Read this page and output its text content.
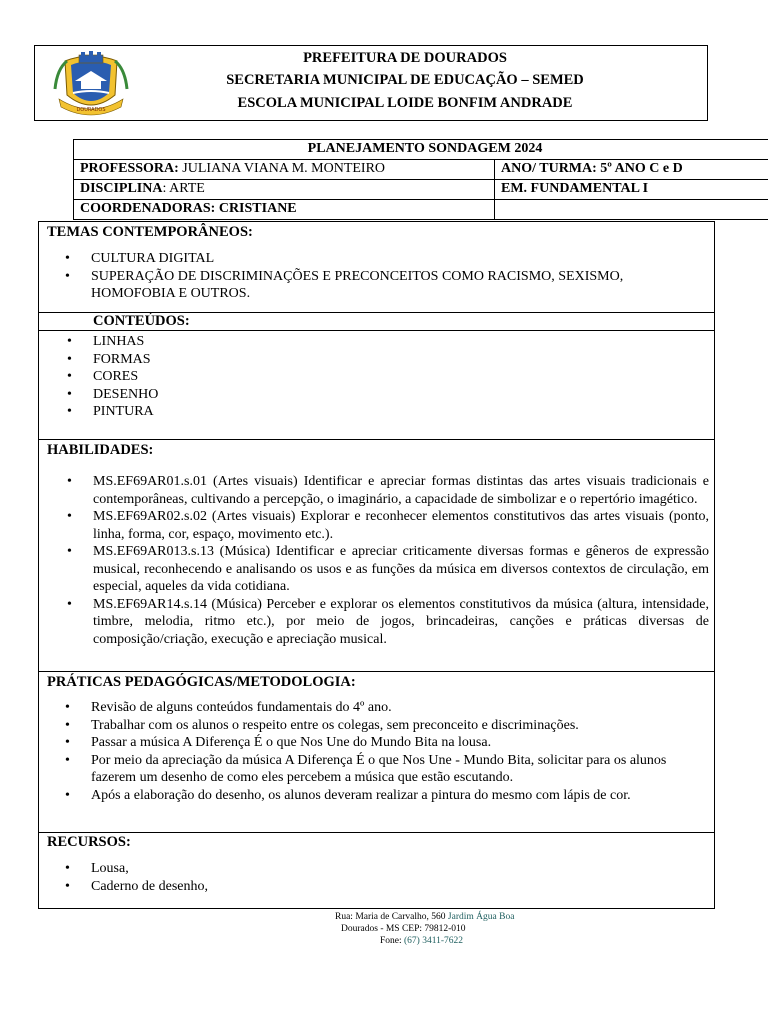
DOURADOS
PREFEITURA DE DOURADOS
SECRETARIA MUNICIPAL DE EDUCAÇÃO – SEMED
ESCOLA MUNICIPAL LOIDE BONFIM ANDRADE
PLANEJAMENTO SONDAGEM 2024	
PROFESSORA: JULIANA VIANA M. MONTEIRO	ANO/ TURMA: 5º ANO C e D
DISCIPLINA: ARTE	EM. FUNDAMENTAL I
COORDENADORAS: CRISTIANE	
TEMAS CONTEMPORÂNEOS:
• CULTURA DIGITAL
• SUPERAÇÃO DE DISCRIMINAÇÕES E PRECONCEITOS COMO RACISMO, SEXISMO, HOMOFOBIA E OUTROS.
CONTEÚDOS:
• LINHAS
• FORMAS
• CORES
• DESENHO
• PINTURA
HABILIDADES:
• MS.EF69AR01.s.01 (Artes visuais) Identificar e apreciar formas distintas das artes visuais tradicionais e contemporâneas, cultivando a percepção, o imaginário, a capacidade de simbolizar e o repertório imagético.
• MS.EF69AR02.s.02 (Artes visuais) Explorar e reconhecer elementos constitutivos das artes visuais (ponto, linha, forma, cor, espaço, movimento etc.).
• MS.EF69AR013.s.13 (Música) Identificar e apreciar criticamente diversas formas e gêneros de expressão musical, reconhecendo e analisando os usos e as funções da música em diversos contextos de circulação, em especial, aqueles da vida cotidiana.
• MS.EF69AR14.s.14 (Música) Perceber e explorar os elementos constitutivos da música (altura, intensidade, timbre, melodia, ritmo etc.), por meio de jogos, brincadeiras, canções e práticas diversas de composição/criação, execução e apreciação musical.
PRÁTICAS PEDAGÓGICAS/METODOLOGIA:
• Revisão de alguns conteúdos fundamentais do 4º ano.
• Trabalhar com os alunos o respeito entre os colegas, sem preconceito e discriminações.
• Passar a música A Diferença É o que Nos Une do Mundo Bita na lousa.
• Por meio da apreciação da música A Diferença É o que Nos Une - Mundo Bita, solicitar para os alunos fazerem um desenho de como eles percebem a música que estão escutando.
• Após a elaboração do desenho, os alunos deveram realizar a pintura do mesmo com lápis de cor.
RECURSOS:
• Lousa,
• Caderno de desenho,
Rua: Maria de Carvalho, 560 Jardim Água Boa
Dourados - MS CEP: 79812-010
Fone: (67) 3411-7622
